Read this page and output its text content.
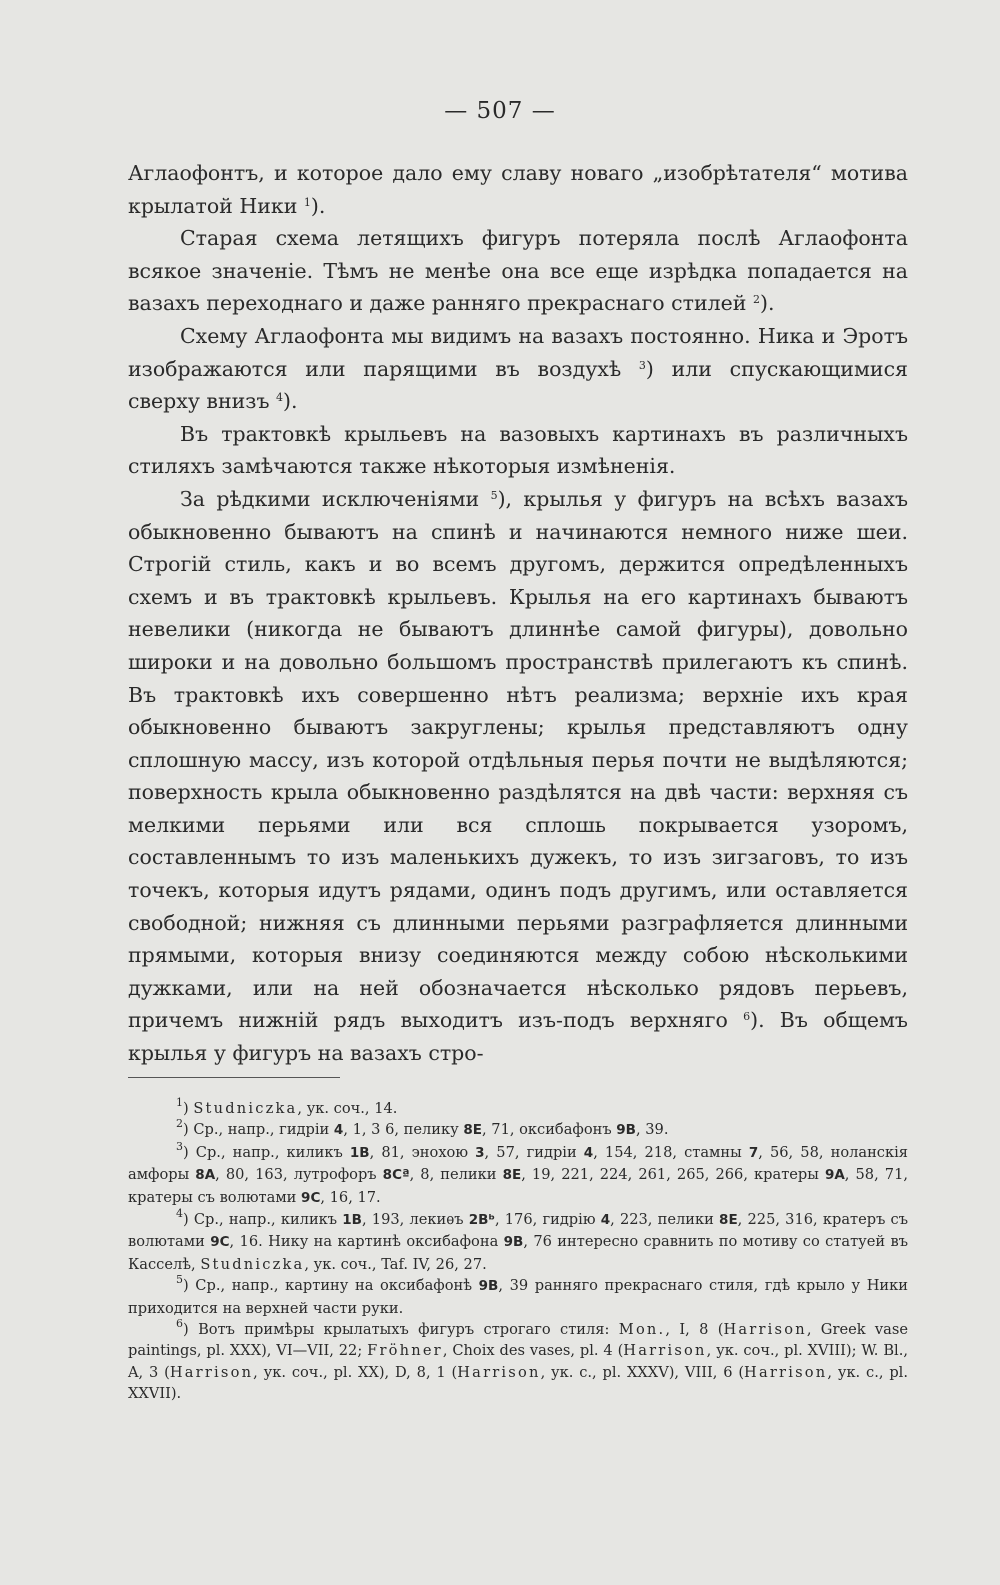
— 507 —

Аглаофонтъ, и которое дало ему славу новаго „изобрѣтателя“ мотива крылатой Ники $^1$).

Старая схема летящихъ фигуръ потеряла послѣ Аглаофонта всякое значеніе. Тѣмъ не менѣе она все еще изрѣдка попадается на вазахъ переходнаго и даже ранняго прекраснаго стилей $^2$).

Схему Аглаофонта мы видимъ на вазахъ постоянно. Ника и Эротъ изображаются или парящими въ воздухѣ $^3$) или спускающимися сверху внизъ $^4$).

Въ трактовкѣ крыльевъ на вазовыхъ картинахъ въ различныхъ стиляхъ замѣчаются также нѣкоторыя измѣненія.

За рѣдкими исключеніями $^5$), крылья у фигуръ на всѣхъ вазахъ обыкновенно бываютъ на спинѣ и начинаются немного ниже шеи. Строгій стиль, какъ и во всемъ другомъ, держится опредѣленныхъ схемъ и въ трактовкѣ крыльевъ. Крылья на его картинахъ бываютъ невелики (никогда не бываютъ длиннѣе самой фигуры), довольно широки и на довольно большомъ пространствѣ прилегаютъ къ спинѣ. Въ трактовкѣ ихъ совершенно нѣтъ реализма; верхніе ихъ края обыкновенно бываютъ закруглены; крылья представляютъ одну сплошную массу, изъ которой отдѣльныя перья почти не выдѣляются; поверхность крыла обыкновенно раздѣлятся на двѣ части: верхняя съ мелкими перьями или вся сплошь покрывается узоромъ, составленнымъ то изъ маленькихъ дужекъ, то изъ зигзаговъ, то изъ точекъ, которыя идутъ рядами, одинъ подъ другимъ, или оставляется свободной; нижняя съ длинными перьями разграфляется длинными прямыми, которыя внизу соединяются между собою нѣсколькими дужками, или на ней обозначается нѣсколько рядовъ перьевъ, причемъ нижній рядъ выходитъ изъ-подъ верхняго $^6$). Въ общемъ крылья у фигуръ на вазахъ стро-

$^1$) Studniczka, ук. соч., 14.

$^2$) Ср., напр., гидріи 4, 1, 3 6, пелику 8E, 71, оксибафонъ 9B, 39.

$^3$) Ср., напр., киликъ 1B, 81, энохою 3, 57, гидріи 4, 154, 218, стамны 7, 56, 58, ноланскія амфоры 8A, 80, 163, лутрофоръ 8Cª, 8, пелики 8E, 19, 221, 224, 261, 265, 266, кратеры 9A, 58, 71, кратеры съ волютами 9C, 16, 17.

$^4$) Ср., напр., киликъ 1B, 193, лекиѳъ 2Bᵇ, 176, гидрію 4, 223, пелики 8E, 225, 316, кратеръ съ волютами 9C, 16. Нику на картинѣ оксибафона 9B, 76 интересно сравнить по мотиву со статуей въ Касселѣ, Studniczka, ук. соч., Taf. IV, 26, 27.

$^5$) Ср., напр., картину на оксибафонѣ 9B, 39 ранняго прекраснаго стиля, гдѣ крыло у Ники приходится на верхней части руки.

$^6$) Вотъ примѣры крылатыхъ фигуръ строгаго стиля: Mon., I, 8 (Harrison, Greek vase paintings, pl. XXX), VI—VII, 22; Fröhner, Choix des vases, pl. 4 (Harrison, ук. соч., pl. XVIII); W. Bl., A, 3 (Harrison, ук. соч., pl. XX), D, 8, 1 (Harrison, ук. с., pl. XXXV), VIII, 6 (Harrison, ук. с., pl. XXVII).
